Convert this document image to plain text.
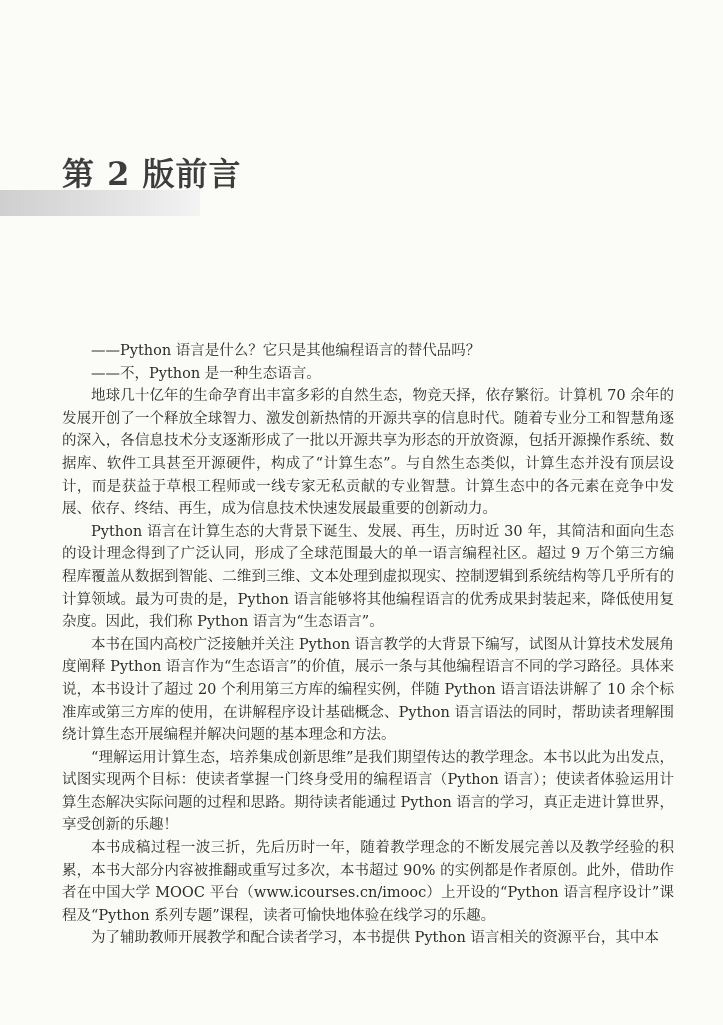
第 2 版前言

——Python 语言是什么？它只是其他编程语言的替代品吗？

——不，Python 是一种生态语言。

地球几十亿年的生命孕育出丰富多彩的自然生态，物竞天择，依存繁衍。计算机 70 余年的发展开创了一个释放全球智力、激发创新热情的开源共享的信息时代。随着专业分工和智慧角逐的深入，各信息技术分支逐渐形成了一批以开源共享为形态的开放资源，包括开源操作系统、数据库、软件工具甚至开源硬件，构成了“计算生态”。与自然生态类似，计算生态并没有顶层设计，而是获益于草根工程师或一线专家无私贡献的专业智慧。计算生态中的各元素在竞争中发展、依存、终结、再生，成为信息技术快速发展最重要的创新动力。

Python 语言在计算生态的大背景下诞生、发展、再生，历时近 30 年，其简洁和面向生态的设计理念得到了广泛认同，形成了全球范围最大的单一语言编程社区。超过 9 万个第三方编程库覆盖从数据到智能、二维到三维、文本处理到虚拟现实、控制逻辑到系统结构等几乎所有的计算领域。最为可贵的是，Python 语言能够将其他编程语言的优秀成果封装起来，降低使用复杂度。因此，我们称 Python 语言为“生态语言”。

本书在国内高校广泛接触并关注 Python 语言教学的大背景下编写，试图从计算技术发展角度阐释 Python 语言作为“生态语言”的价值，展示一条与其他编程语言不同的学习路径。具体来说，本书设计了超过 20 个利用第三方库的编程实例，伴随 Python 语言语法讲解了 10 余个标准库或第三方库的使用，在讲解程序设计基础概念、Python 语言语法的同时，帮助读者理解围绕计算生态开展编程并解决问题的基本理念和方法。

“理解运用计算生态，培养集成创新思维”是我们期望传达的教学理念。本书以此为出发点，试图实现两个目标：使读者掌握一门终身受用的编程语言（Python 语言）；使读者体验运用计算生态解决实际问题的过程和思路。期待读者能通过 Python 语言的学习，真正走进计算世界，享受创新的乐趣！

本书成稿过程一波三折，先后历时一年，随着教学理念的不断发展完善以及教学经验的积累，本书大部分内容被推翻或重写过多次，本书超过 90% 的实例都是作者原创。此外，借助作者在中国大学 MOOC 平台（www.icourses.cn/imooc）上开设的“Python 语言程序设计”课程及“Python 系列专题”课程，读者可愉快地体验在线学习的乐趣。

为了辅助教师开展教学和配合读者学习，本书提供 Python 语言相关的资源平台，其中本
